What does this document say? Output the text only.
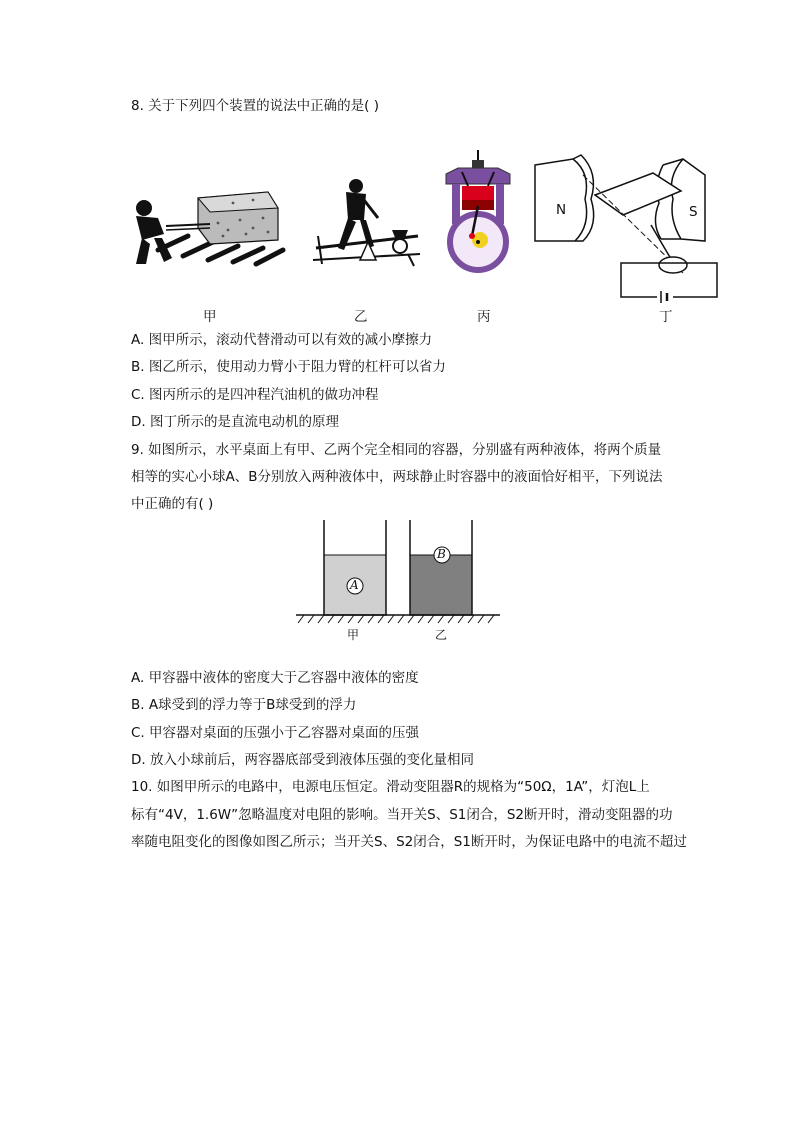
8. 关于下列四个装置的说法中正确的是( )
N	S
甲	乙	丙	丁
A. 图甲所示，滚动代替滑动可以有效的减小摩擦力
B. 图乙所示，使用动力臂小于阻力臂的杠杆可以省力
C. 图丙所示的是四冲程汽油机的做功冲程
D. 图丁所示的是直流电动机的原理
9. 如图所示，水平桌面上有甲、乙两个完全相同的容器，分别盛有两种液体，将两个质量
相等的实心小球A、B分别放入两种液体中，两球静止时容器中的液面恰好相平，下列说法
中正确的有( )
A
B
甲	乙
A. 甲容器中液体的密度大于乙容器中液体的密度
B. A球受到的浮力等于B球受到的浮力
C. 甲容器对桌面的压强小于乙容器对桌面的压强
D. 放入小球前后，两容器底部受到液体压强的变化量相同
10. 如图甲所示的电路中，电源电压恒定。滑动变阻器R的规格为“50Ω，1A”，灯泡L上
标有“4V，1.6W”忽略温度对电阻的影响。当开关S、S1闭合，S2断开时，滑动变阻器的功
率随电阻变化的图像如图乙所示；当开关S、S2闭合，S1断开时，为保证电路中的电流不超过
